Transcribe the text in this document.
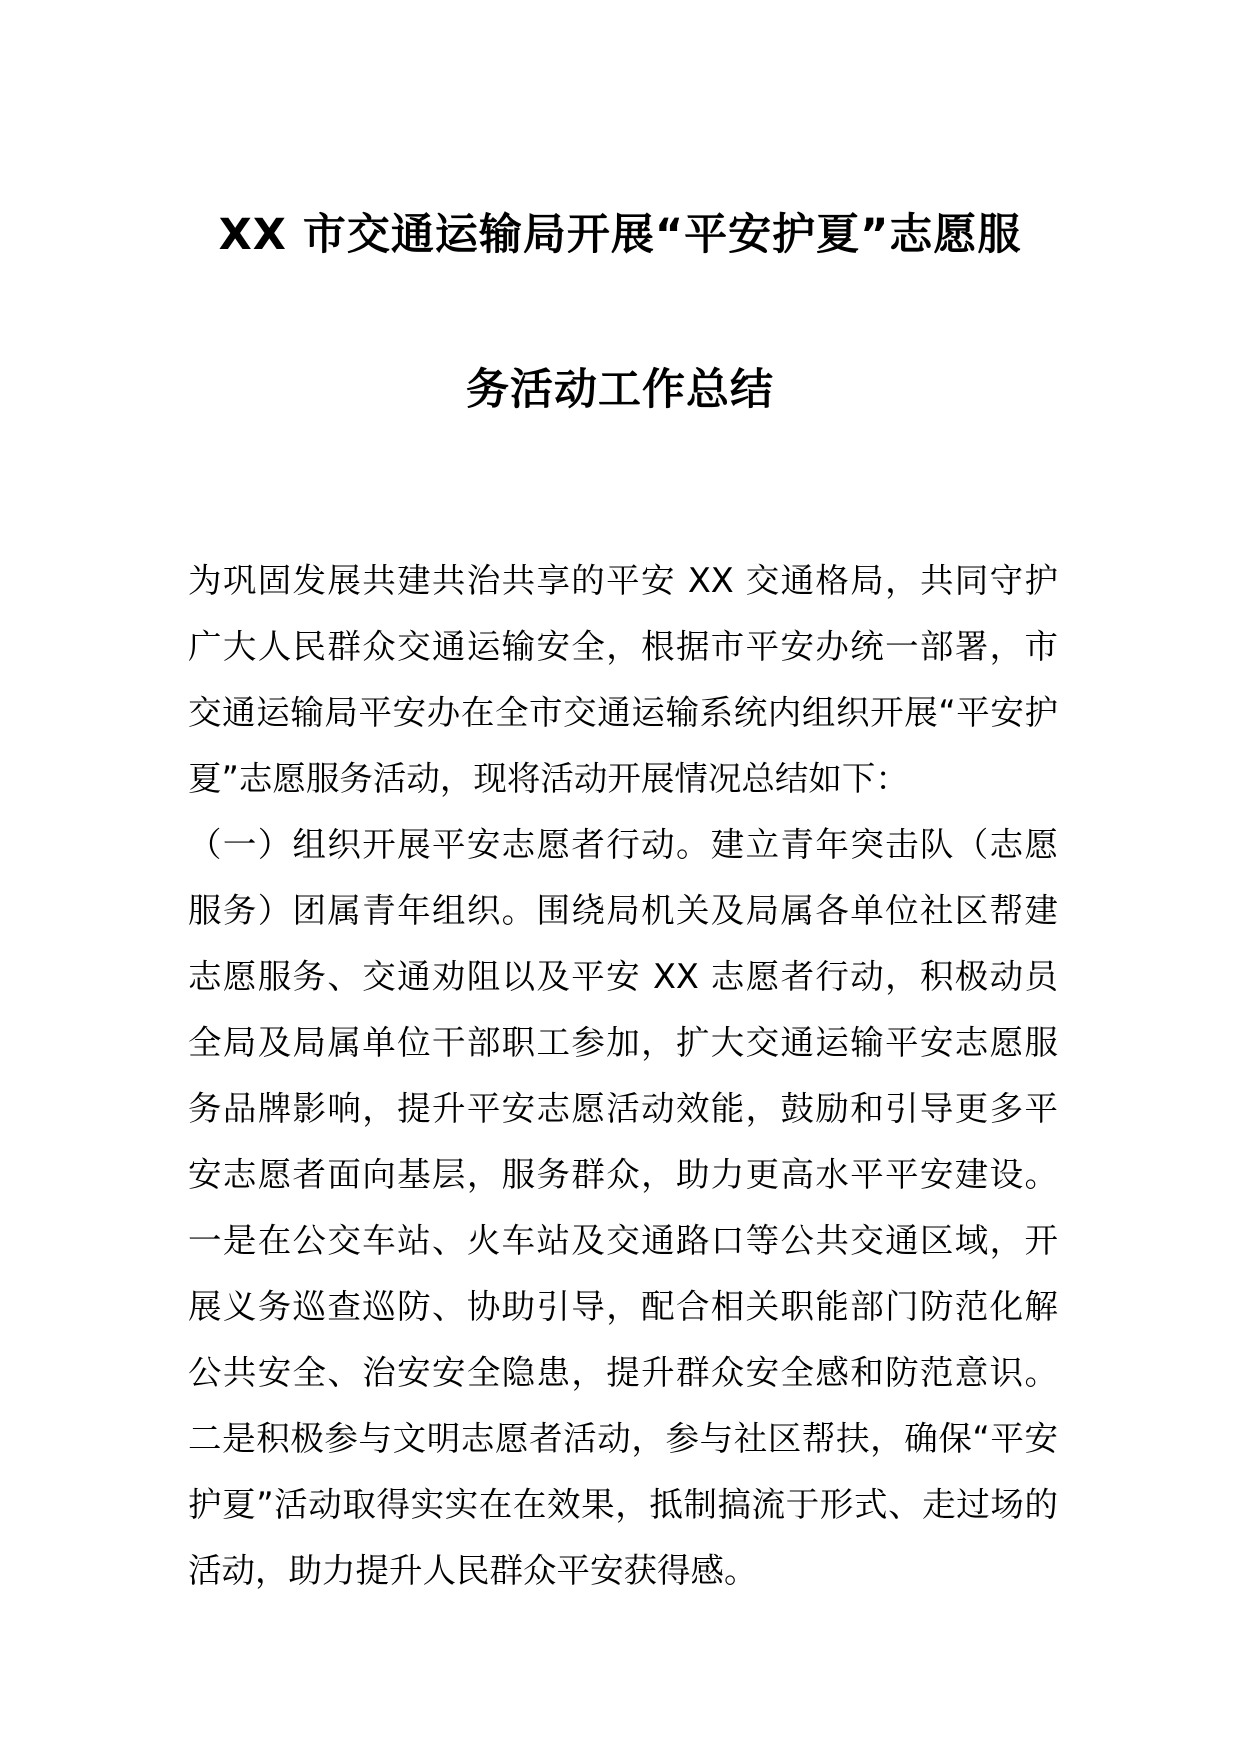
XX 市交通运输局开展“平安护夏”志愿服
务活动工作总结

为巩固发展共建共治共享的平安 XX 交通格局，共同守护广大人民群众交通运输安全，根据市平安办统一部署，市交通运输局平安办在全市交通运输系统内组织开展“平安护夏”志愿服务活动，现将活动开展情况总结如下：

（一）组织开展平安志愿者行动。建立青年突击队（志愿服务）团属青年组织。围绕局机关及局属各单位社区帮建志愿服务、交通劝阻以及平安 XX 志愿者行动，积极动员全局及局属单位干部职工参加，扩大交通运输平安志愿服务品牌影响，提升平安志愿活动效能，鼓励和引导更多平安志愿者面向基层，服务群众，助力更高水平平安建设。一是在公交车站、火车站及交通路口等公共交通区域，开展义务巡查巡防、协助引导，配合相关职能部门防范化解公共安全、治安安全隐患，提升群众安全感和防范意识。二是积极参与文明志愿者活动，参与社区帮扶，确保“平安护夏”活动取得实实在在效果，抵制搞流于形式、走过场的活动，助力提升人民群众平安获得感。
